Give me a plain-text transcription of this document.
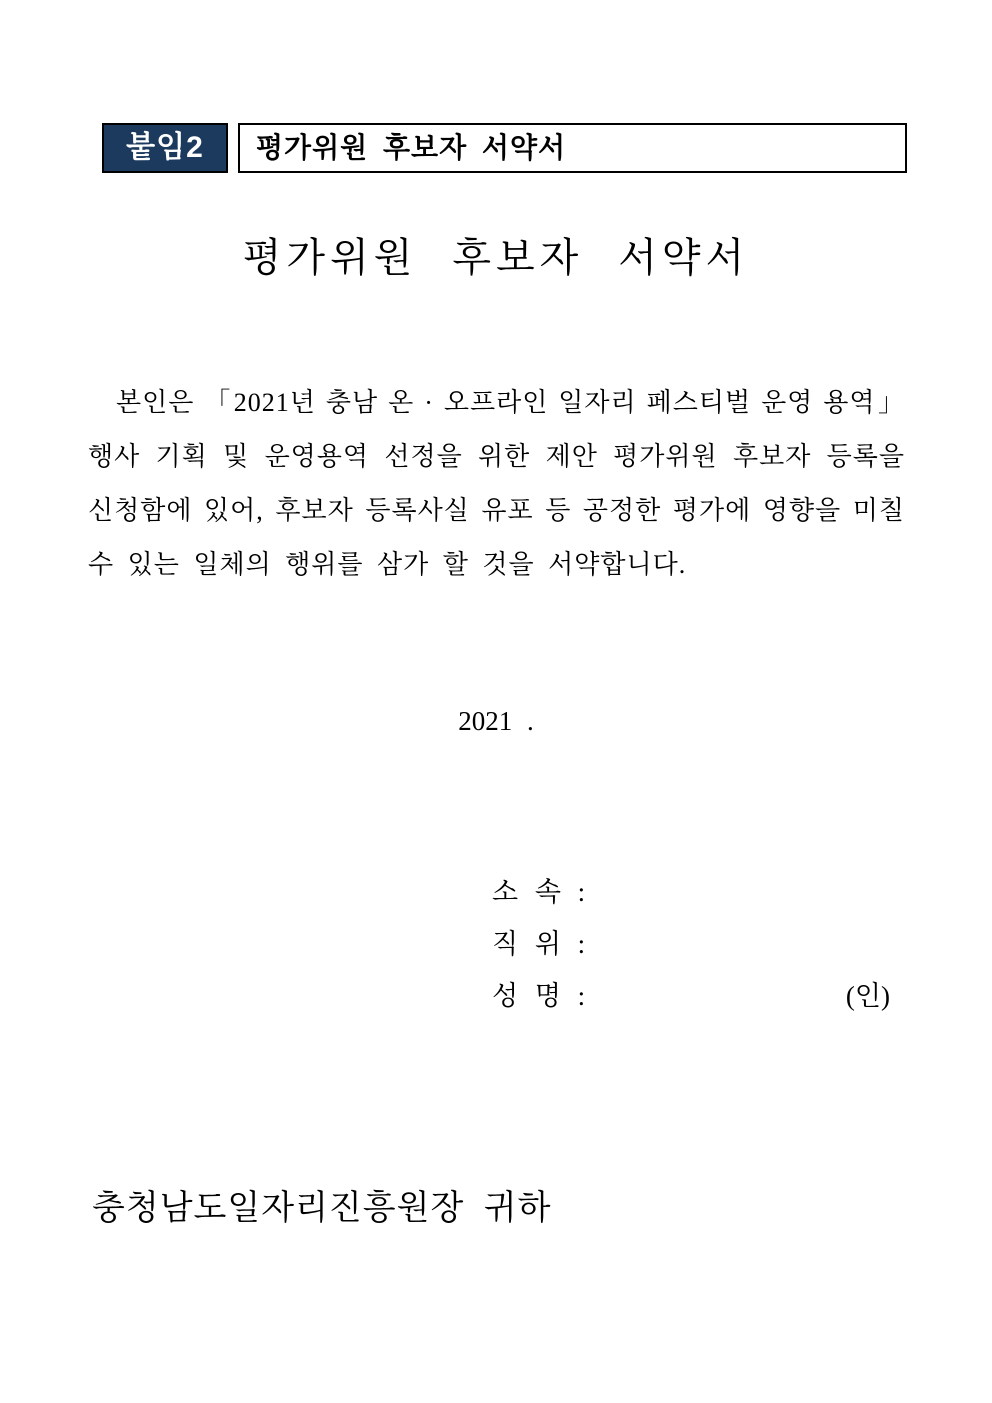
붙임2	평가위원 후보자 서약서
평가위원 후보자 서약서
본인은 「2021년 충남 온 · 오프라인 일자리 페스티벌 운영 용역」
행사 기획 및 운영용역 선정을 위한 제안 평가위원 후보자 등록을
신청함에 있어, 후보자 등록사실 유포 등 공정한 평가에 영향을 미칠
수 있는 일체의 행위를 삼가 할 것을 서약합니다.
2021 .
소 속 :
직 위 :
성 명 :	(인)
충청남도일자리진흥원장 귀하
